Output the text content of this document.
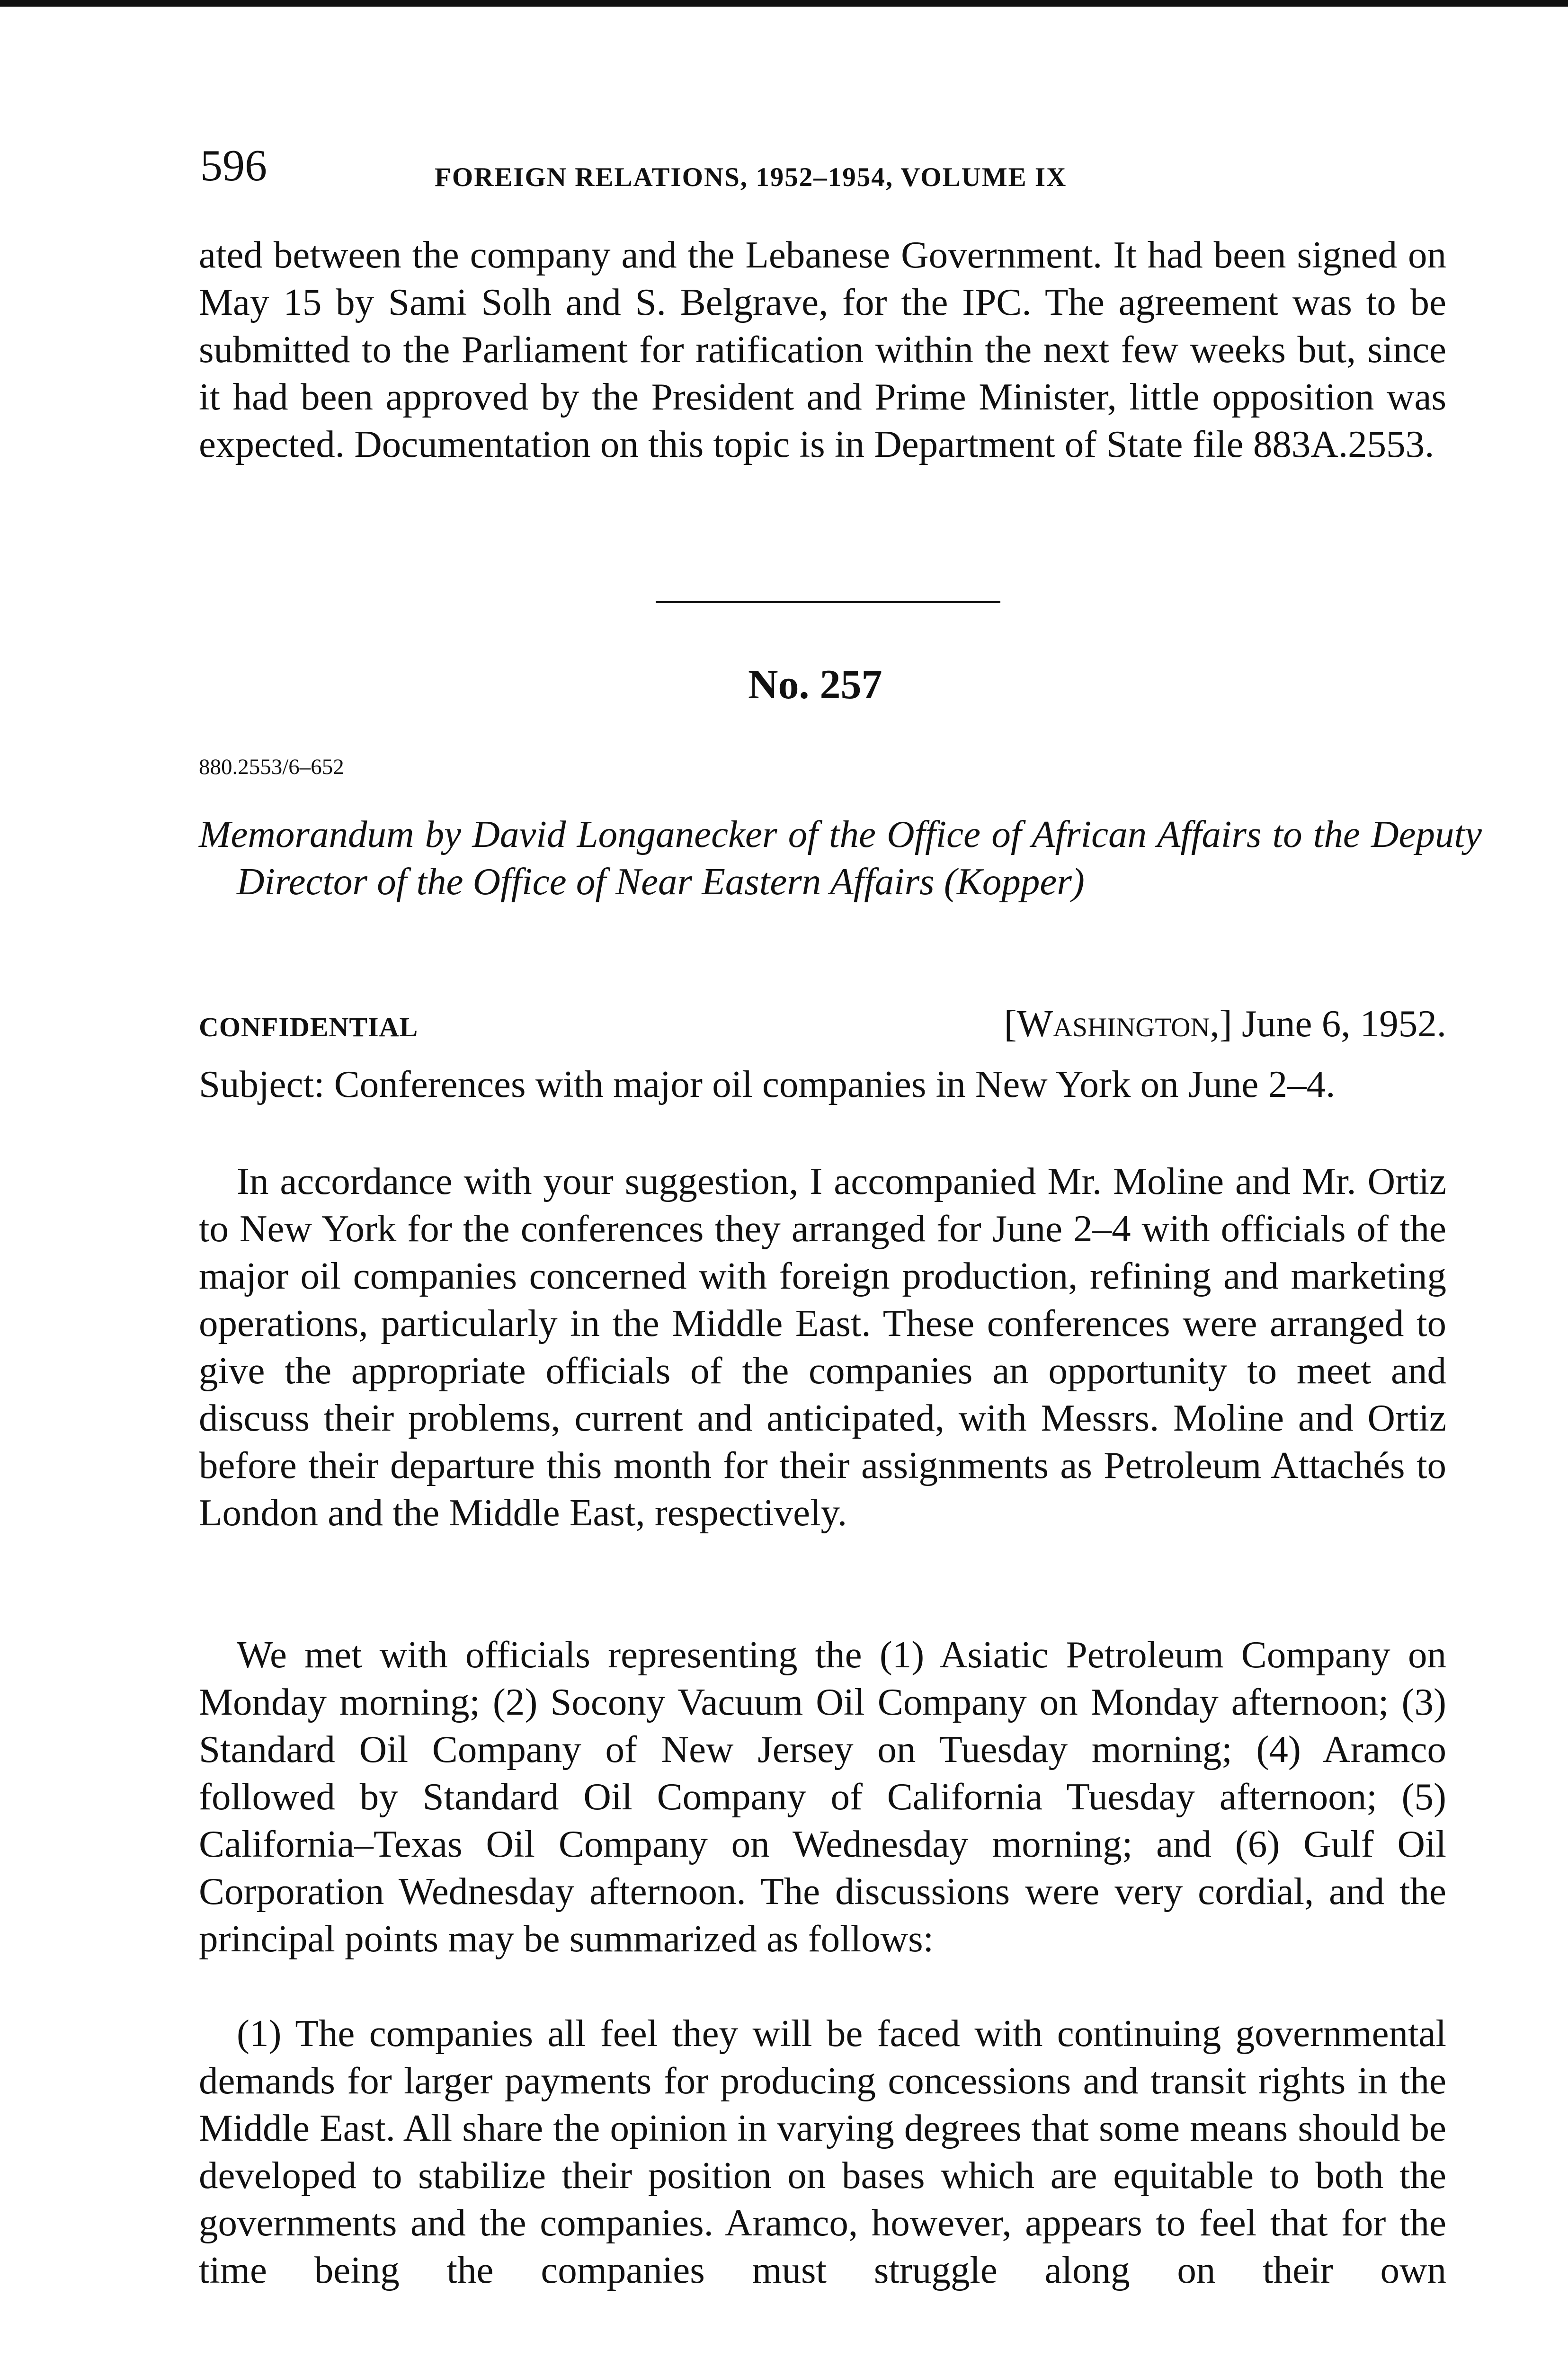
596	FOREIGN RELATIONS, 1952–1954, VOLUME IX

ated between the company and the Lebanese Government. It had been signed on May 15 by Sami Solh and S. Belgrave, for the IPC. The agreement was to be submitted to the Parliament for ratification within the next few weeks but, since it had been approved by the President and Prime Minister, little opposition was expected. Documentation on this topic is in Department of State file 883A.2553.

No. 257
880.2553/6–652

Memorandum by David Longanecker of the Office of African Affairs to the Deputy Director of the Office of Near Eastern Affairs (Kopper)

CONFIDENTIAL	[Washington,] June 6, 1952.

Subject: Conferences with major oil companies in New York on June 2–4.

In accordance with your suggestion, I accompanied Mr. Moline and Mr. Ortiz to New York for the conferences they arranged for June 2–4 with officials of the major oil companies concerned with foreign production, refining and marketing operations, particularly in the Middle East. These conferences were arranged to give the appropriate officials of the companies an opportunity to meet and discuss their problems, current and anticipated, with Messrs. Moline and Ortiz before their departure this month for their assignments as Petroleum Attachés to London and the Middle East, respectively.

We met with officials representing the (1) Asiatic Petroleum Company on Monday morning; (2) Socony Vacuum Oil Company on Monday afternoon; (3) Standard Oil Company of New Jersey on Tuesday morning; (4) Aramco followed by Standard Oil Company of California Tuesday afternoon; (5) California–Texas Oil Company on Wednesday morning; and (6) Gulf Oil Corporation Wednesday afternoon. The discussions were very cordial, and the principal points may be summarized as follows:

(1) The companies all feel they will be faced with continuing governmental demands for larger payments for producing concessions and transit rights in the Middle East. All share the opinion in varying degrees that some means should be developed to stabilize their position on bases which are equitable to both the governments and the companies. Aramco, however, appears to feel that for the time being the companies must struggle along on their own
